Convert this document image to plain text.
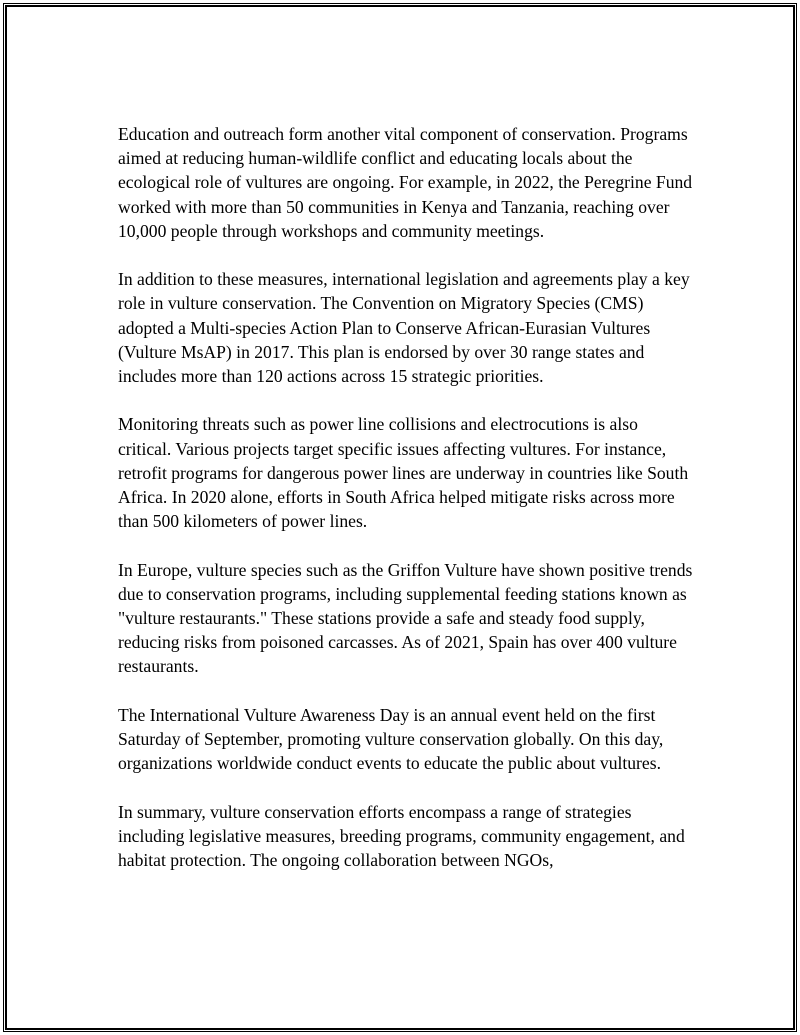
Education and outreach form another vital component of conservation. Programs aimed at reducing human-wildlife conflict and educating locals about the ecological role of vultures are ongoing. For example, in 2022, the Peregrine Fund worked with more than 50 communities in Kenya and Tanzania, reaching over 10,000 people through workshops and community meetings.

In addition to these measures, international legislation and agreements play a key role in vulture conservation. The Convention on Migratory Species (CMS) adopted a Multi-species Action Plan to Conserve African-Eurasian Vultures (Vulture MsAP) in 2017. This plan is endorsed by over 30 range states and includes more than 120 actions across 15 strategic priorities.

Monitoring threats such as power line collisions and electrocutions is also critical. Various projects target specific issues affecting vultures. For instance, retrofit programs for dangerous power lines are underway in countries like South Africa. In 2020 alone, efforts in South Africa helped mitigate risks across more than 500 kilometers of power lines.

In Europe, vulture species such as the Griffon Vulture have shown positive trends due to conservation programs, including supplemental feeding stations known as "vulture restaurants." These stations provide a safe and steady food supply, reducing risks from poisoned carcasses. As of 2021, Spain has over 400 vulture restaurants.

The International Vulture Awareness Day is an annual event held on the first Saturday of September, promoting vulture conservation globally. On this day, organizations worldwide conduct events to educate the public about vultures.

In summary, vulture conservation efforts encompass a range of strategies including legislative measures, breeding programs, community engagement, and habitat protection. The ongoing collaboration between NGOs,
